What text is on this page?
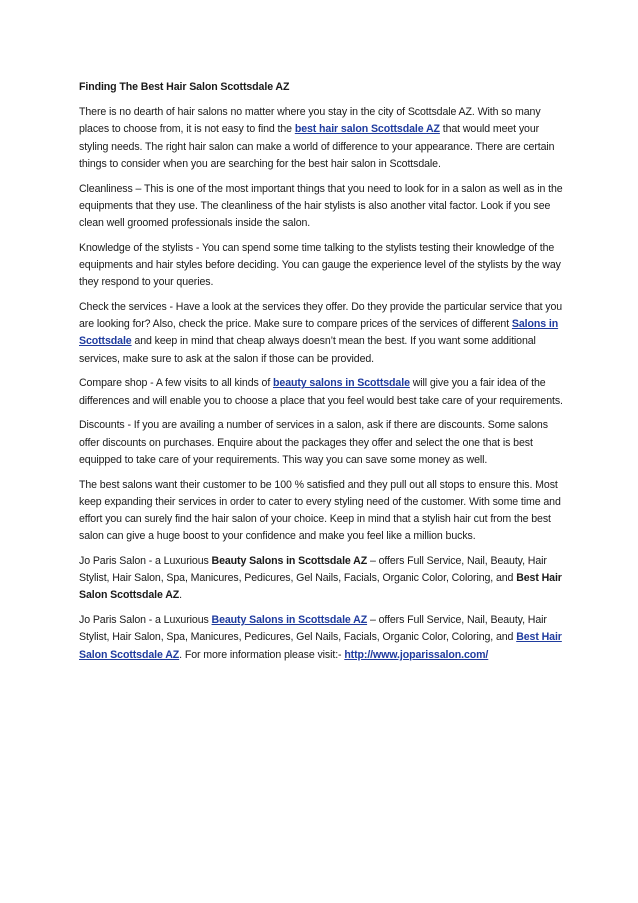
Finding The Best Hair Salon Scottsdale AZ

There is no dearth of hair salons no matter where you stay in the city of Scottsdale AZ. With so many places to choose from, it is not easy to find the best hair salon Scottsdale AZ that would meet your styling needs. The right hair salon can make a world of difference to your appearance. There are certain things to consider when you are searching for the best hair salon in Scottsdale.

Cleanliness – This is one of the most important things that you need to look for in a salon as well as in the equipments that they use. The cleanliness of the hair stylists is also another vital factor. Look if you see clean well groomed professionals inside the salon.

Knowledge of the stylists - You can spend some time talking to the stylists testing their knowledge of the equipments and hair styles before deciding. You can gauge the experience level of the stylists by the way they respond to your queries.

Check the services - Have a look at the services they offer. Do they provide the particular service that you are looking for? Also, check the price. Make sure to compare prices of the services of different Salons in Scottsdale and keep in mind that cheap always doesn’t mean the best. If you want some additional services, make sure to ask at the salon if those can be provided.

Compare shop - A few visits to all kinds of beauty salons in Scottsdale will give you a fair idea of the differences and will enable you to choose a place that you feel would best take care of your requirements.

Discounts - If you are availing a number of services in a salon, ask if there are discounts. Some salons offer discounts on purchases. Enquire about the packages they offer and select the one that is best equipped to take care of your requirements. This way you can save some money as well.

The best salons want their customer to be 100 % satisfied and they pull out all stops to ensure this. Most keep expanding their services in order to cater to every styling need of the customer. With some time and effort you can surely find the hair salon of your choice. Keep in mind that a stylish hair cut from the best salon can give a huge boost to your confidence and make you feel like a million bucks.

Jo Paris Salon - a Luxurious Beauty Salons in Scottsdale AZ – offers Full Service, Nail, Beauty, Hair Stylist, Hair Salon, Spa, Manicures, Pedicures, Gel Nails, Facials, Organic Color, Coloring, and Best Hair Salon Scottsdale AZ.

Jo Paris Salon - a Luxurious Beauty Salons in Scottsdale AZ – offers Full Service, Nail, Beauty, Hair Stylist, Hair Salon, Spa, Manicures, Pedicures, Gel Nails, Facials, Organic Color, Coloring, and Best Hair Salon Scottsdale AZ. For more information please visit:- http://www.joparissalon.com/
